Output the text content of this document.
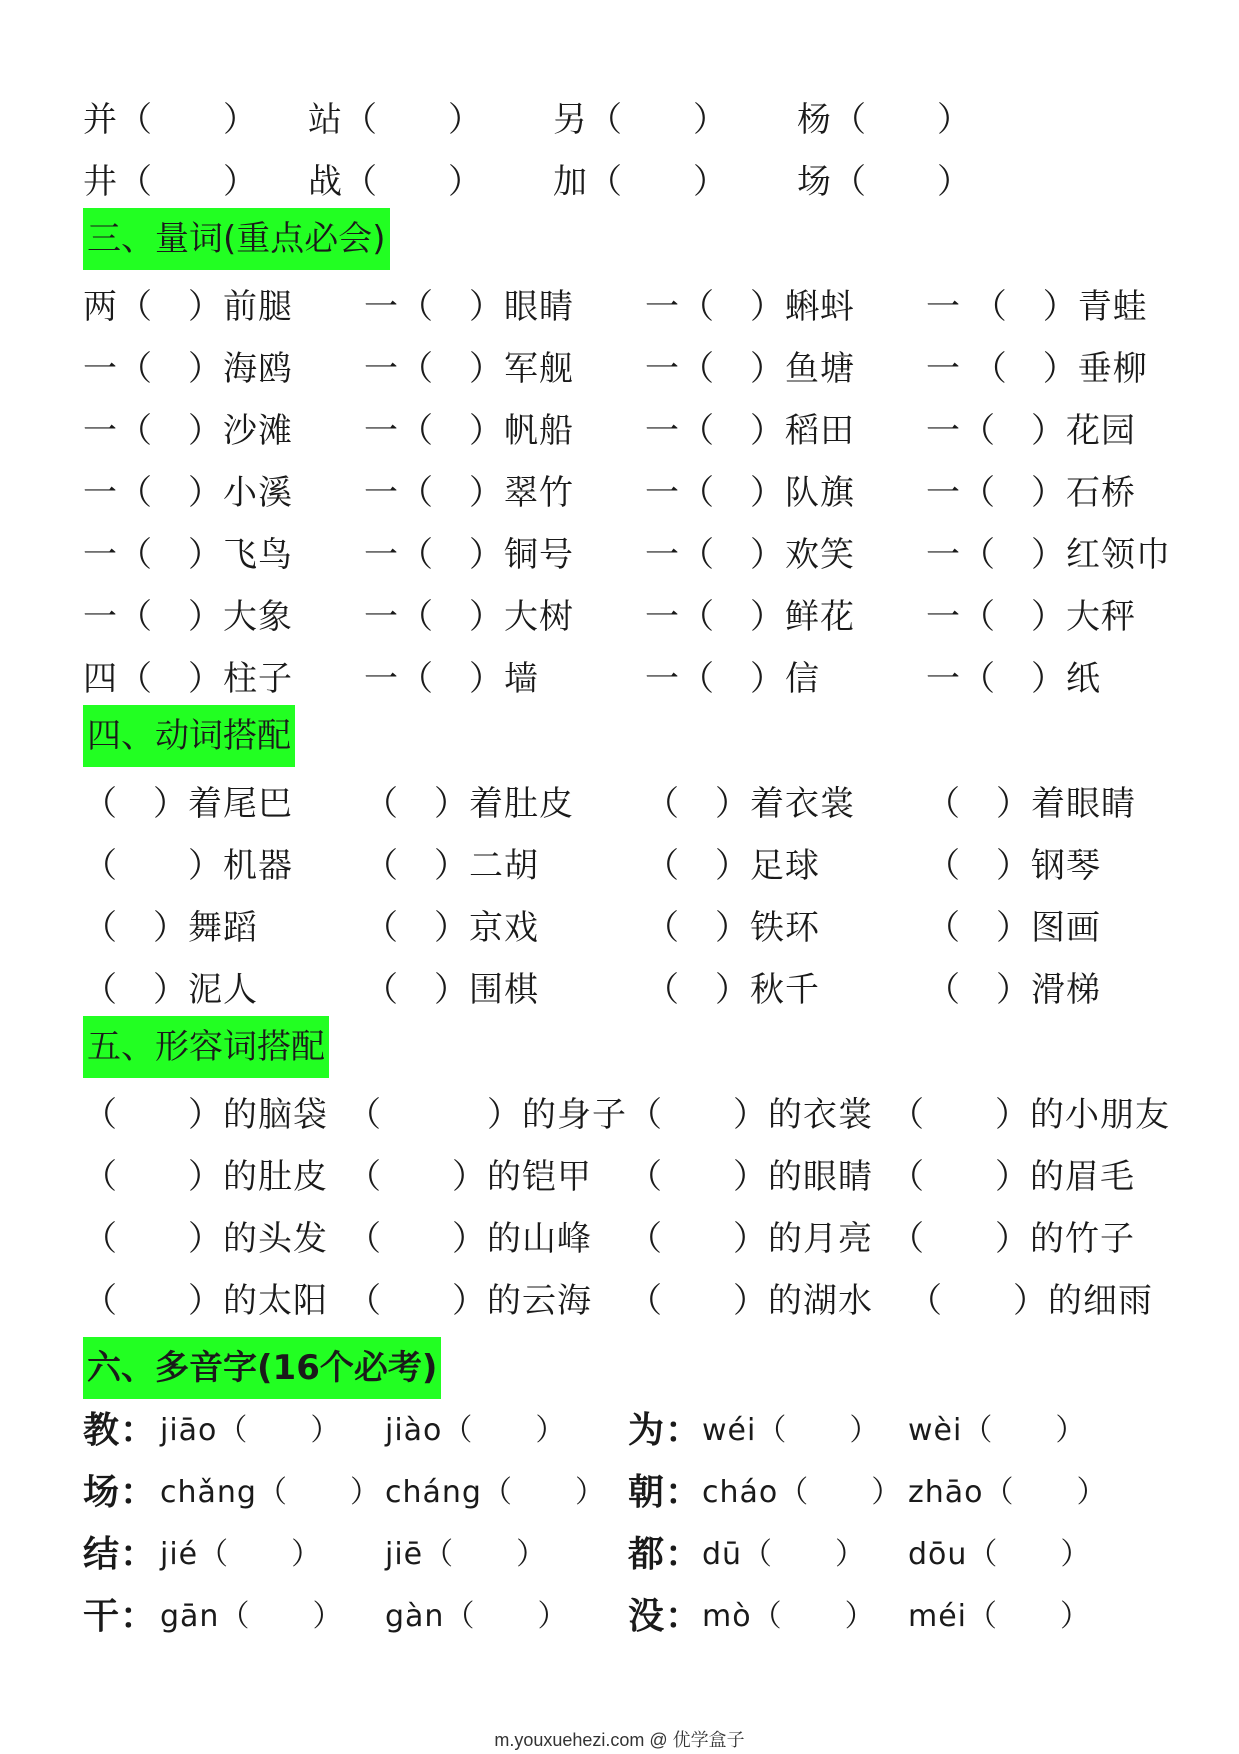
并（　　） 站（　　） 另（　　） 杨（　　）
井（　　） 战（　　） 加（　　） 场（　　）
三、量词(重点必会)
两（　）前腿 一（　）眼睛 一（　）蝌蚪 一 （　）青蛙
一（　）海鸥 一（　）军舰 一（　）鱼塘 一 （　）垂柳
一（　）沙滩 一（　）帆船 一（　）稻田 一（　）花园
一（　）小溪 一（　）翠竹 一（　）队旗 一（　）石桥
一（　）飞鸟 一（　）铜号 一（　）欢笑 一（　）红领巾
一（　）大象 一（　）大树 一（　）鲜花 一（　）大秤
四（　）柱子 一（　）墙	一（　）信	一（　）纸
四、动词搭配
（　）着尾巴 （　）着肚皮 （　）着衣裳 （　）着眼睛
（　　）机器 （　）二胡	（　）足球	（　）钢琴
（　）舞蹈	（　）京戏	（　）铁环	（　）图画
（　）泥人	（　）围棋	（　）秋千	（　）滑梯
五、形容词搭配
（　　）的脑袋 （　　　）的身子 （　　）的衣裳 （　　）的小朋友
（　　）的肚皮 （　　）的铠甲 （　　）的眼睛 （　　）的眉毛
（　　）的头发 （　　）的山峰 （　　）的月亮 （　　）的竹子
（　　）的太阳 （　　）的云海 （　　）的湖水 （　　）的细雨
六、多音字(16个必考)
教： jiāo（　　） jiào（　　） 为： wéi（　　） wèi（　　）
场： chǎng（　　） cháng（　　） 朝： cháo（　　） zhāo（　　）
结： jié（　　） jiē（　　） 都： dū（　　） dōu（　　）
干： gān（　　） gàn（　　） 没： mò（　　） méi（　　）
m.youxuehezi.com @ 优学盒子
